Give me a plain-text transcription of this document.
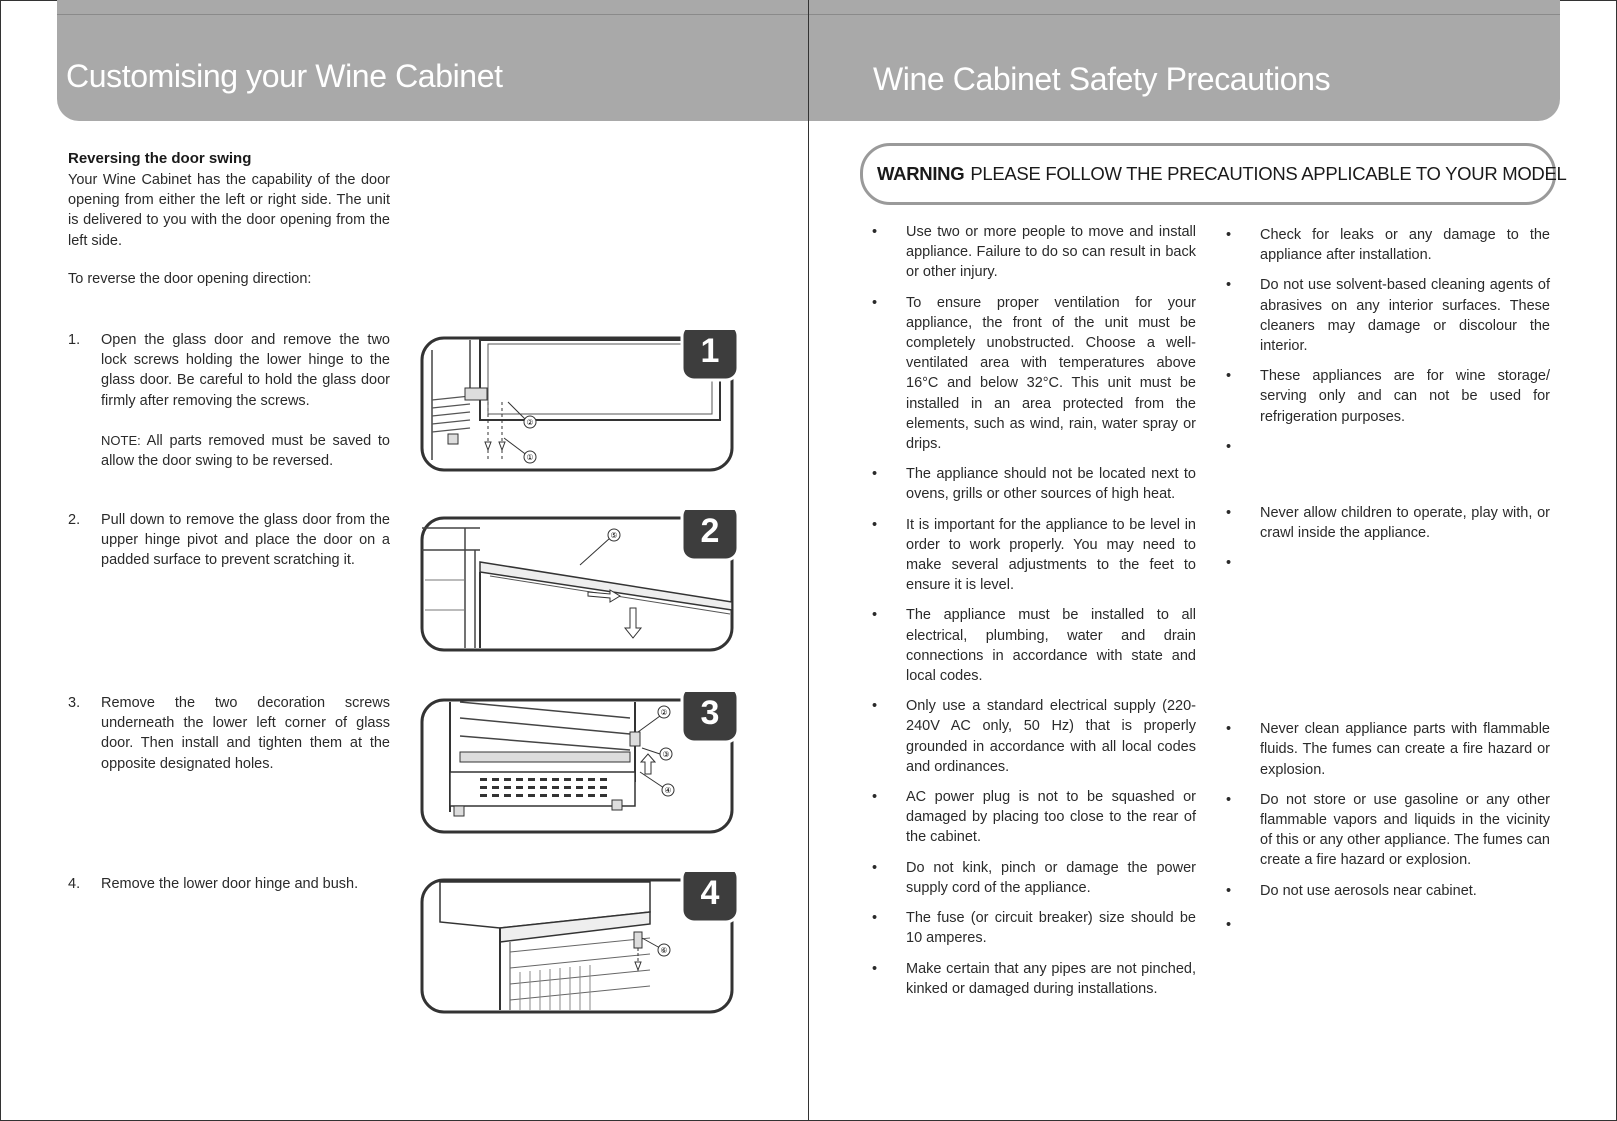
Customising your Wine Cabinet
Reversing the door swing
Your Wine Cabinet has the capability of the door opening from either the left or right side. The unit is delivered to you with the door opening from the left side.
To reverse the door opening direction:
1. Open the glass door and remove the two lock screws holding the lower hinge to the glass door. Be careful to hold the glass door firmly after removing the screws.
NOTE: All parts removed must be saved to allow the door swing to be reversed.
2. Pull down to remove the glass door from the upper hinge pivot and place the door on a padded surface to prevent scratching it.
3. Remove the two decoration screws underneath the lower left corner of glass door. Then install and tighten them at the opposite designated holes.
4. Remove the lower door hinge and bush.
②
①
1
⑤ 2
②
③
④
3
⑥
4
Wine Cabinet Safety Precautions
WARNING PLEASE FOLLOW THE PRECAUTIONS APPLICABLE TO YOUR MODEL
• Use two or more people to move and install appliance. Failure to do so can result in back or other injury.
• To ensure proper ventilation for your appliance, the front of the unit must be completely unobstructed. Choose a well-ventilated area with temperatures above 16°C and below 32°C. This unit must be installed in an area protected from the elements, such as wind, rain, water spray or drips.
• The appliance should not be located next to ovens, grills or other sources of high heat.
• It is important for the appliance to be level in order to work properly. You may need to make several adjustments to the feet to ensure it is level.
• The appliance must be installed to all electrical, plumbing, water and drain connections in accordance with state and local codes.
• Only use a standard electrical supply (220-240V AC only, 50 Hz) that is properly grounded in accordance with all local codes and ordinances.
• AC power plug is not to be squashed or damaged by placing too close to the rear of the cabinet.
• Do not kink, pinch or damage the power supply cord of the appliance.
• The fuse (or circuit breaker) size should be 10 amperes.
• Make certain that any pipes are not pinched, kinked or damaged during installations.
• Check for leaks or any damage to the appliance after installation.
• Do not use solvent-based cleaning agents of abrasives on any interior surfaces. These cleaners may damage or discolour the interior.
• These appliances are for wine storage/ serving only and can not be used for refrigeration purposes.
•
• Never allow children to operate, play with, or crawl inside the appliance.
•
• Never clean appliance parts with flammable fluids. The fumes can create a fire hazard or explosion.
• Do not store or use gasoline or any other flammable vapors and liquids in the vicinity of this or any other appliance. The fumes can create a fire hazard or explosion.
• Do not use aerosols near cabinet.
•
